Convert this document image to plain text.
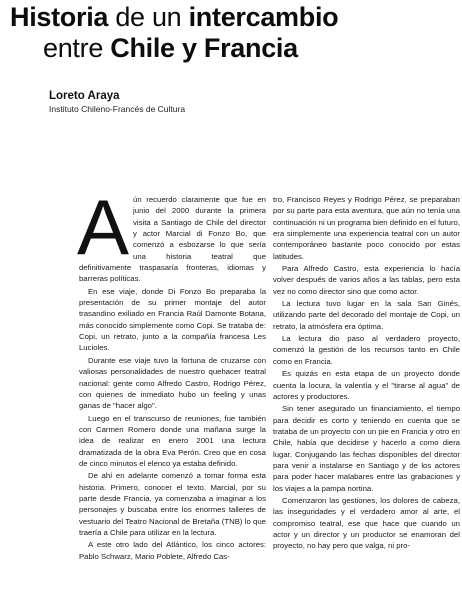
Historia de un intercambio
entre Chile y Francia
Loreto Araya
Instituto Chileno-Francés de Cultura

Aún recuerdo claramente que fue en junio del 2000 durante la primera visita a Santiago de Chile del director y actor Marcial di Fonzo Bo, que comenzó a esbozarse lo que sería una historia teatral que definitivamente traspasaría fronteras, idiomas y barreras políticas.

En ese viaje, donde Di Fonzo Bo preparaba la presentación de su primer montaje del autor trasandino exiliado en Francia Raúl Damonte Botana, más conocido simplemente como Copi. Se trataba de: Copi, un retrato, junto a la compañía francesa Les Lucioles.

Durante ese viaje tuvo la fortuna de cruzarse con valiosas personalidades de nuestro quehacer teatral nacional: gente como Alfredo Castro, Rodrigo Pérez, con quienes de inmediato hubo un feeling y unas ganas de "hacer algo".

Luego en el transcurso de reuniones, fue también con Carmen Romero donde una mañana surge la idea de realizar en enero 2001 una lectura dramatizada de la obra Eva Perón. Creo que en cosa de cinco minutos el elenco ya estaba definido.

De ahí en adelante comenzó a tomar forma esta historia. Primero, conocer el texto. Marcial, por su parte desde Francia, ya comenzaba a imaginar a los personajes y buscaba entre los enormes talleres de vestuario del Teatro Nacional de Bretaña (TNB) lo que traería a Chile para utilizar en la lectura.

A este otro lado del Atlántico, los cinco actores: Pablo Schwarz, Mario Poblete, Alfredo Cas-

tro, Francisco Reyes y Rodrigo Pérez, se preparaban por su parte para esta aventura, que aún no tenía una continuación ni un programa bien definido en el futuro, era simplemente una experiencia teatral con un autor contemporáneo bastante poco conocido por estas latitudes.

Para Alfredo Castro, esta experiencia lo hacía volver después de varios años a las tablas, pero esta vez no como director sino que como actor.

La lectura tuvo lugar en la sala San Ginés, utilizando parte del decorado del montaje de Copi, un retrato, la atmósfera era óptima.

La lectura dio paso al verdadero proyecto, comenzó la gestión de los recursos tanto en Chile como en Francia.

Es quizás en esta etapa de un proyecto donde cuenta la locura, la valentía y el "tirarse al agua" de actores y productores.

Sin tener asegurado un financiamiento, el tiempo para decidir es corto y teniendo en cuenta que se trataba de un proyecto con un pie en Francia y otro en Chile, había que decidirse y hacerlo a como diera lugar. Conjugando las fechas disponibles del director para venir a instalarse en Santiago y de los actores para poder hacer malabares entre las grabaciones y los viajes a la pampa nortina.

Comenzaron las gestiones, los dolores de cabeza, las inseguridades y el verdadero amor al arte, el compromiso teatral, ese que hace que cuando un actor y un director y un productor se enamoran del proyecto, no hay pero que valga, ni pro-
